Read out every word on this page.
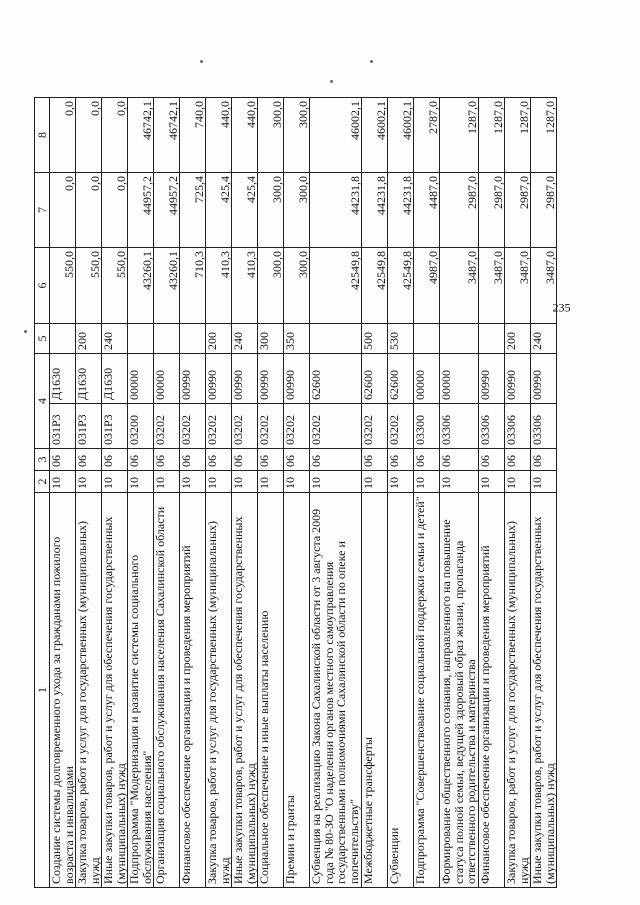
235
1	2	3	4		5	6	7	8
Создание системы долговременного ухода за гражданами пожилого возраста и инвалидами	10	06	031P3	Д1630		550,0	0,0	0,0
Закупка товаров, работ и услуг для государственных (муниципальных) нужд	10	06	031P3	Д1630	200	550,0	0,0	0,0
Иные закупки товаров, работ и услуг для обеспечения государственных (муниципальных) нужд	10	06	031P3	Д1630	240	550,0	0,0	0,0
Подпрограмма "Модернизация и развитие системы социального обслуживания населения"	10	06	03200	00000		43260,1	44957,2	46742,1
Организация социального обслуживания населения Сахалинской области	10	06	03202	00000		43260,1	44957,2	46742,1
Финансовое обеспечение организации и проведения мероприятий	10	06	03202	00990		710,3	725,4	740,0
Закупка товаров, работ и услуг для государственных (муниципальных) нужд	10	06	03202	00990	200	410,3	425,4	440,0
Иные закупки товаров, работ и услуг для обеспечения государственных (муниципальных) нужд	10	06	03202	00990	240	410,3	425,4	440,0
Социальное обеспечение и иные выплаты населению	10	06	03202	00990	300	300,0	300,0	300,0
Премии и гранты	10	06	03202	00990	350	300,0	300,0	300,0
Субвенция на реализацию Закона Сахалинской области от 3 августа 2009 года № 80-ЗО "О наделении органов местного самоуправления государственными полномочиями Сахалинской области по опеке и попечительству"	10	06	03202	62600		42549,8	44231,8	46002,1
Межбюджетные трансферты	10	06	03202	62600	500	42549,8	44231,8	46002,1
Субвенции	10	06	03202	62600	530	42549,8	44231,8	46002,1
Подпрограмма "Совершенствование социальной поддержки семьи и детей"	10	06	03300	00000		4987,0	4487,0	2787,0
Формирование общественного сознания, направленного на повышение статуса полной семьи, ведущей здоровый образ жизни, пропаганда ответственного родительства и материнства	10	06	03306	00000		3487,0	2987,0	1287,0
Финансовое обеспечение организации и проведения мероприятий	10	06	03306	00990		3487,0	2987,0	1287,0
Закупка товаров, работ и услуг для государственных (муниципальных) нужд	10	06	03306	00990	200	3487,0	2987,0	1287,0
Иные закупки товаров, работ и услуг для обеспечения государственных (муниципальных) нужд	10	06	03306	00990	240	3487,0	2987,0	1287,0
